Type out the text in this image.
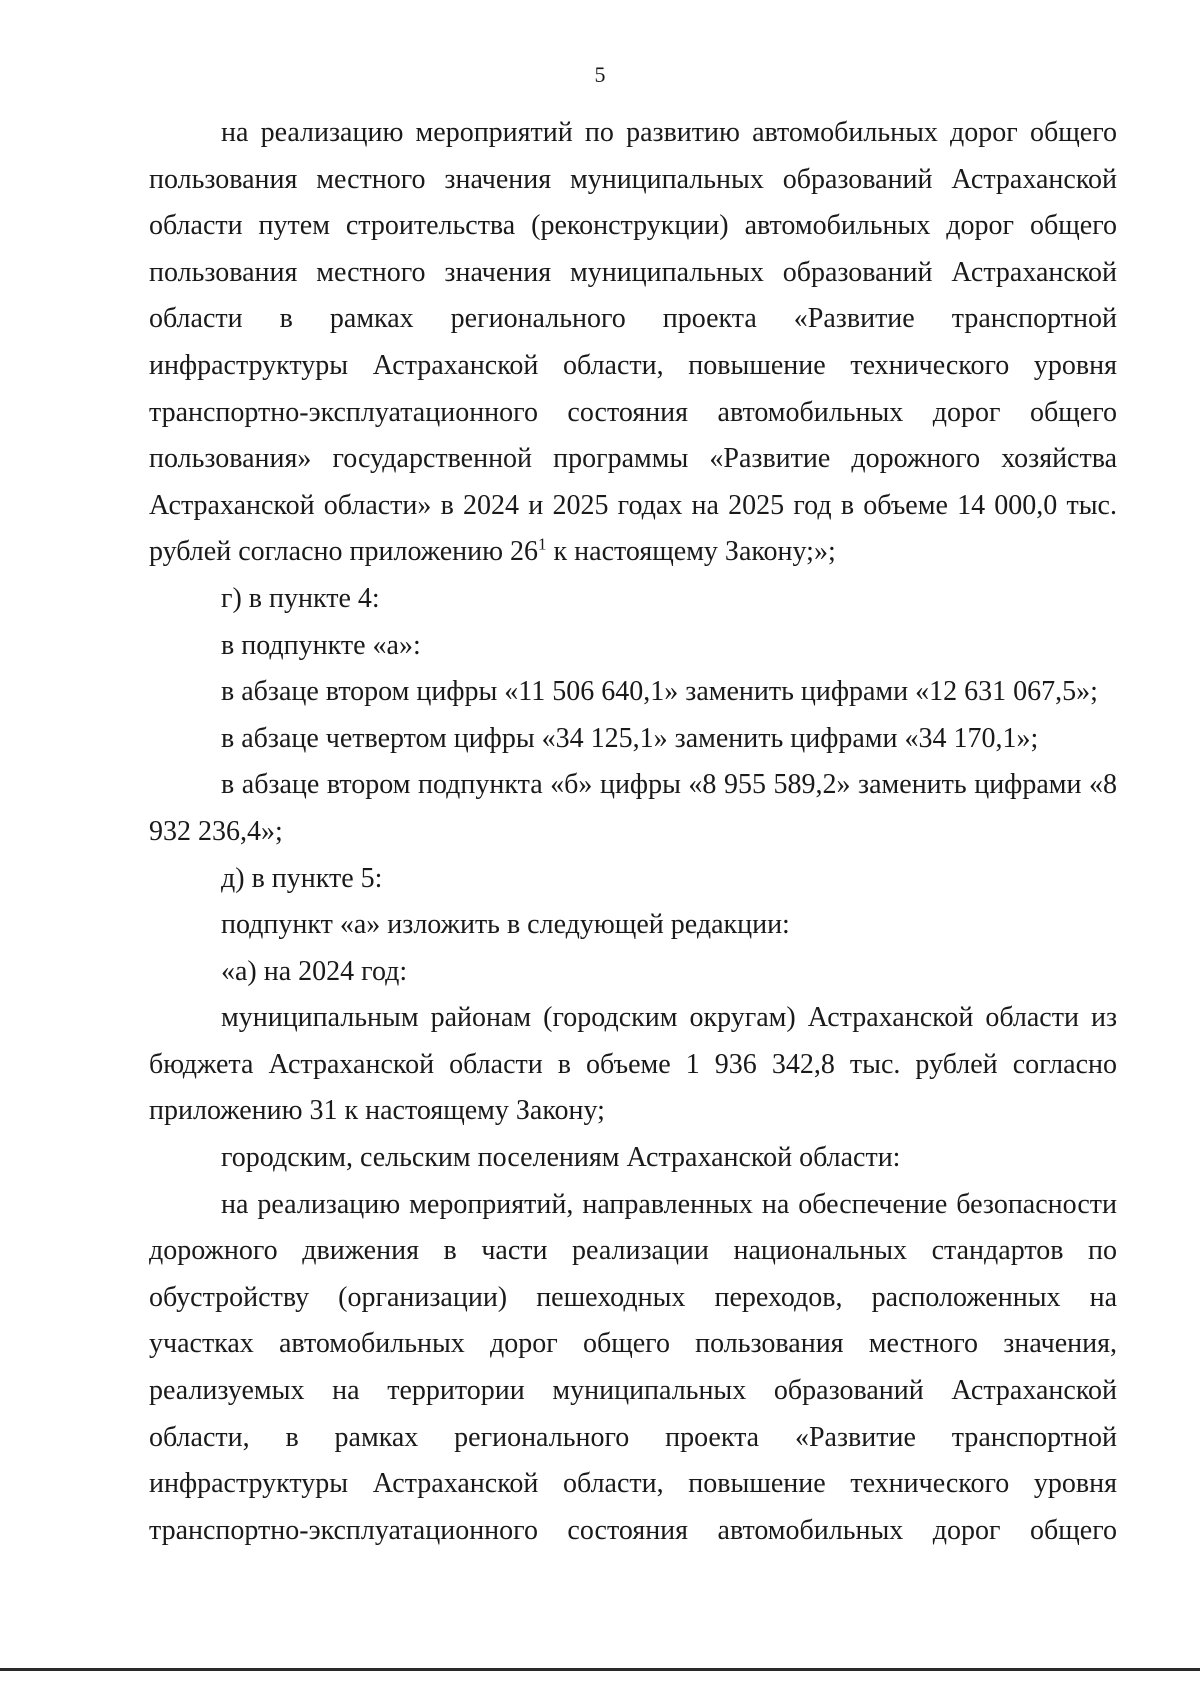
5

на реализацию мероприятий по развитию автомобильных дорог общего пользования местного значения муниципальных образований Астраханской области путем строительства (реконструкции) автомобильных дорог общего пользования местного значения муниципальных образований Астраханской области в рамках регионального проекта «Развитие транспортной инфраструктуры Астраханской области, повышение технического уровня транспортно-эксплуатационного состояния автомобильных дорог общего пользования» государственной программы «Развитие дорожного хозяйства Астраханской области» в 2024 и 2025 годах на 2025 год в объеме 14 000,0 тыс. рублей согласно приложению $26^1$ к настоящему Закону;»;

г) в пункте 4:

в подпункте «а»:

в абзаце втором цифры «11 506 640,1» заменить цифрами «12 631 067,5»;

в абзаце четвертом цифры «34 125,1» заменить цифрами «34 170,1»;

в абзаце втором подпункта «б» цифры «8 955 589,2» заменить цифрами «8 932 236,4»;

д) в пункте 5:

подпункт «а» изложить в следующей редакции:

«а) на 2024 год:

муниципальным районам (городским округам) Астраханской области из бюджета Астраханской области в объеме 1 936 342,8 тыс. рублей согласно приложению 31 к настоящему Закону;

городским, сельским поселениям Астраханской области:

на реализацию мероприятий, направленных на обеспечение безопасности дорожного движения в части реализации национальных стандартов по обустройству (организации) пешеходных переходов, расположенных на участках автомобильных дорог общего пользования местного значения, реализуемых на территории муниципальных образований Астраханской области, в рамках регионального проекта «Развитие транспортной инфраструктуры Астраханской области, повышение технического уровня транспортно-эксплуатационного состояния автомобильных дорог общего
